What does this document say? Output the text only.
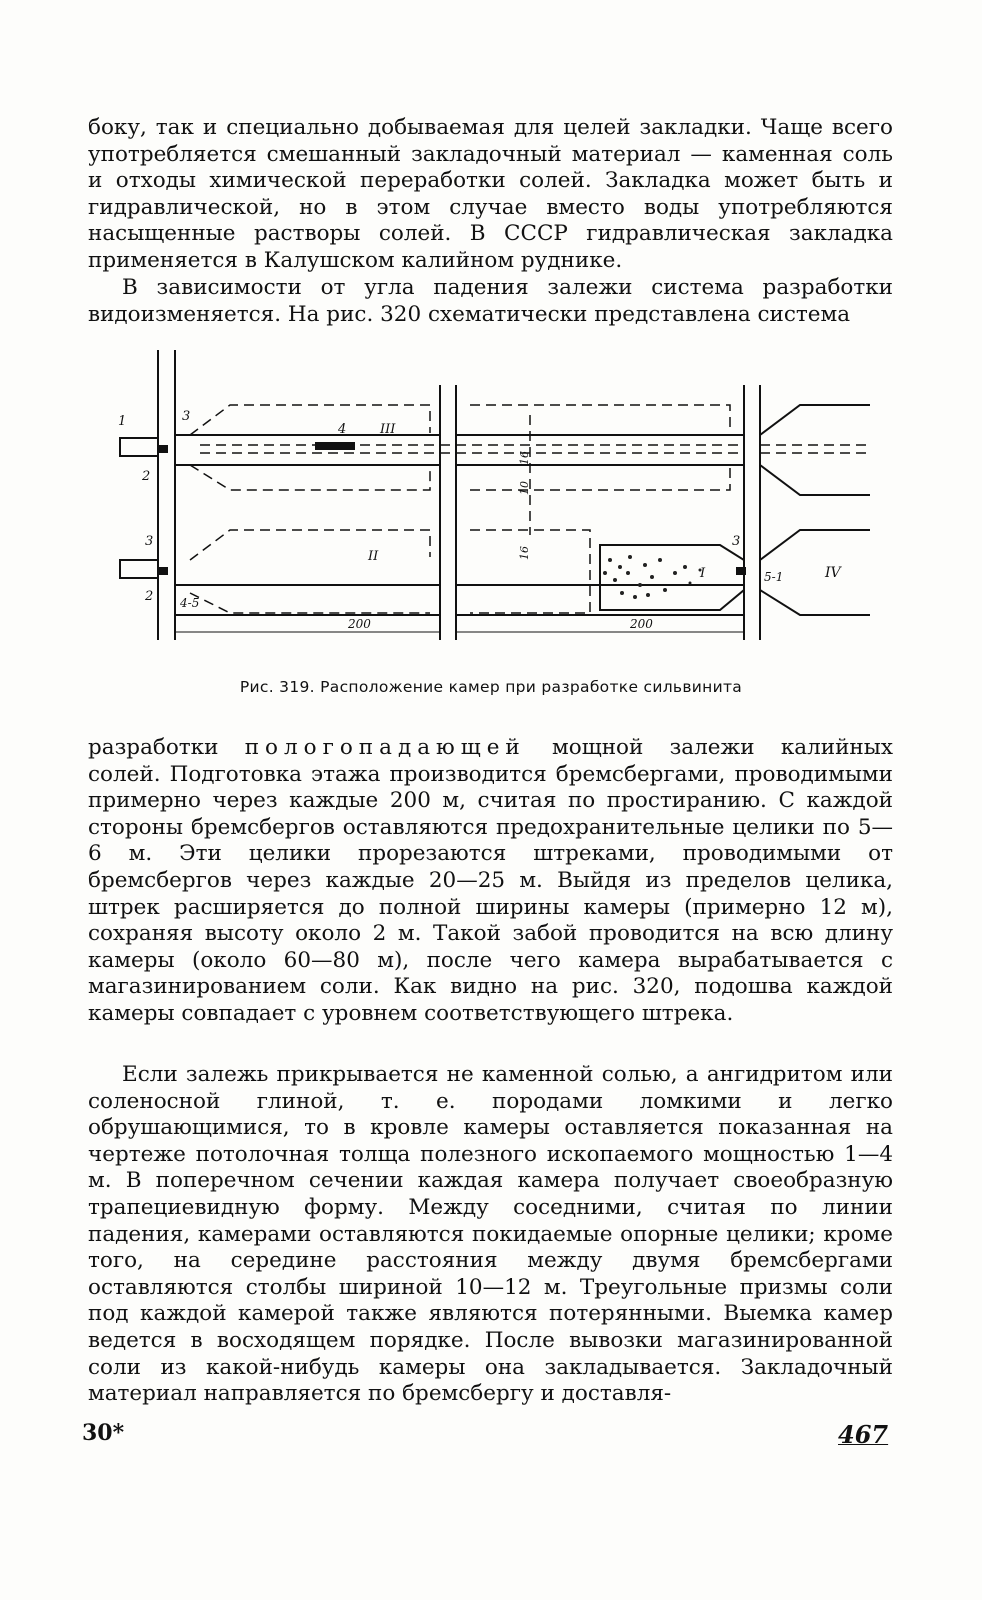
боку, так и специально добываемая для целей закладки. Чаще всего употребляется смешанный закладочный материал — каменная соль и отходы химической переработки солей. Закладка может быть и гидравлической, но в этом случае вместо воды употребляются насыщенные растворы солей. В СССР гидравлическая закладка применяется в Калушском калийном руднике.

В зависимости от угла падения залежи система разработки видоизменяется. На рис. 320 схематически представлена система

1
2
3
4	III
3
2 4-5
II
I	IV
3
5-1
200	200
10
16
16
Рис. 319. Расположение камер при разработке сильвинита

разработки пологопадающей мощной залежи калийных солей. Подготовка этажа производится бремсбергами, проводимыми примерно через каждые 200 м, считая по простиранию. С каждой стороны бремсбергов оставляются предохранительные целики по 5—6 м. Эти целики прорезаются штреками, проводимыми от бремсбергов через каждые 20—25 м. Выйдя из пределов целика, штрек расширяется до полной ширины камеры (примерно 12 м), сохраняя высоту около 2 м. Такой забой проводится на всю длину камеры (около 60—80 м), после чего камера вырабатывается с магазинированием соли. Как видно на рис. 320, подошва каждой камеры совпадает с уровнем соответствующего штрека.

Если залежь прикрывается не каменной солью, а ангидритом или соленосной глиной, т. е. породами ломкими и легко обрушающимися, то в кровле камеры оставляется показанная на чертеже потолочная толща полезного ископаемого мощностью 1—4 м. В поперечном сечении каждая камера получает своеобразную трапециевидную форму. Между соседними, считая по линии падения, камерами оставляются покидаемые опорные целики; кроме того, на середине расстояния между двумя бремсбергами оставляются столбы шириной 10—12 м. Треугольные призмы соли под каждой камерой также являются потерянными. Выемка камер ведется в восходящем порядке. После вывозки магазинированной соли из какой-нибудь камеры она закладывается. Закладочный материал направляется по бремсбергу и доставля-

30*	467
